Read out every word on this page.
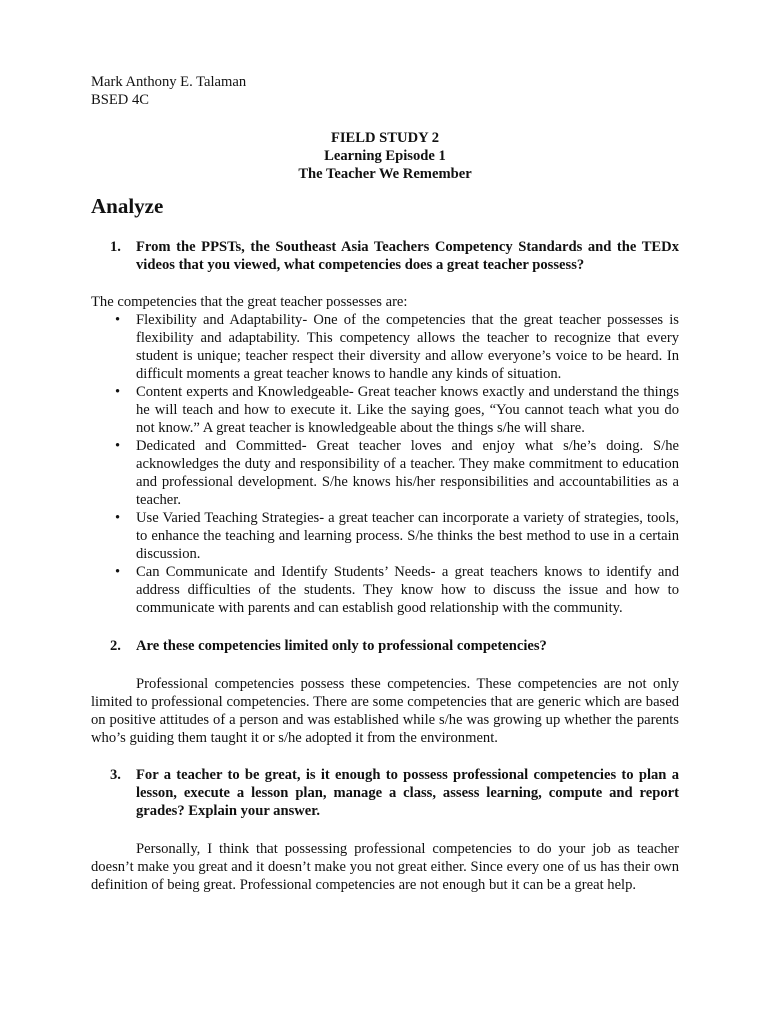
Mark Anthony E. Talaman
BSED 4C
FIELD STUDY 2
Learning Episode 1
The Teacher We Remember
Analyze
1.	From the PPSTs, the Southeast Asia Teachers Competency Standards and the TEDx videos that you viewed, what competencies does a great teacher possess?
The competencies that the great teacher possesses are:
•	Flexibility and Adaptability- One of the competencies that the great teacher possesses is flexibility and adaptability. This competency allows the teacher to recognize that every student is unique; teacher respect their diversity and allow everyone’s voice to be heard. In difficult moments a great teacher knows to handle any kinds of situation.
•	Content experts and Knowledgeable- Great teacher knows exactly and understand the things he will teach and how to execute it. Like the saying goes, “You cannot teach what you do not know.” A great teacher is knowledgeable about the things s/he will share.
•	Dedicated and Committed- Great teacher loves and enjoy what s/he’s doing. S/he acknowledges the duty and responsibility of a teacher. They make commitment to education and professional development. S/he knows his/her responsibilities and accountabilities as a teacher.
•	Use Varied Teaching Strategies- a great teacher can incorporate a variety of strategies, tools, to enhance the teaching and learning process. S/he thinks the best method to use in a certain discussion.
•	Can Communicate and Identify Students’ Needs- a great teachers knows to identify and address difficulties of the students. They know how to discuss the issue and how to communicate with parents and can establish good relationship with the community.
2.	Are these competencies limited only to professional competencies?
Professional competencies possess these competencies. These competencies are not only limited to professional competencies. There are some competencies that are generic which are based on positive attitudes of a person and was established while s/he was growing up whether the parents who’s guiding them taught it or s/he adopted it from the environment.
3.	For a teacher to be great, is it enough to possess professional competencies to plan a lesson, execute a lesson plan, manage a class, assess learning, compute and report grades? Explain your answer.
Personally, I think that possessing professional competencies to do your job as teacher doesn’t make you great and it doesn’t make you not great either. Since every one of us has their own definition of being great. Professional competencies are not enough but it can be a great help.
